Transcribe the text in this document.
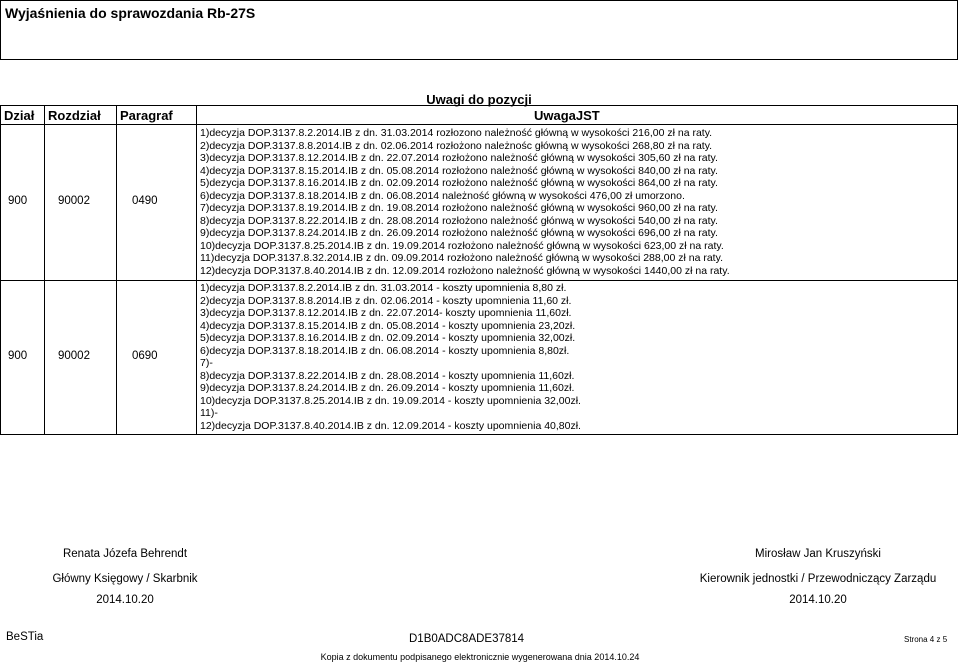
Wyjaśnienia do sprawozdania Rb-27S
Uwagi do pozycji
Dział Rozdział Paragraf	UwagaJST
900	90002	0490
1)decyzja DOP.3137.8.2.2014.IB z dn. 31.03.2014 rozłozono należność główną w wysokości 216,00 zł na raty.
2)decyzja DOP.3137.8.8.2014.IB z dn. 02.06.2014 rozłożono należnośc główną w wysokości 268,80 zł na raty.
3)decyzja DOP.3137.8.12.2014.IB z dn. 22.07.2014 rozłożono należność główną w wysokości 305,60 zł na raty.
4)decyzja DOP.3137.8.15.2014.IB z dn. 05.08.2014 rozłożono należność główną w wysokości 840,00 zł na raty.
5)dezycja DOP.3137.8.16.2014.IB z dn. 02.09.2014 rozłożono należność główną w wysokości 864,00 zł na raty.
6)decyzja DOP.3137.8.18.2014.IB z dn. 06.08.2014 należność główną w wysokości 476,00 zł umorzono.
7)decyzja DOP.3137.8.19.2014.IB z dn. 19.08.2014 rozłożono należność główną w wysokości 960,00 zł na raty.
8)decyzja DOP.3137.8.22.2014.IB z dn. 28.08.2014 rozłożono należność głónwą w wysokości 540,00 zł na raty.
9)decyzja DOP.3137.8.24.2014.IB z dn. 26.09.2014 rozłożono należność główną w wysokości 696,00 zł na raty.
10)decyzja DOP.3137.8.25.2014.IB z dn. 19.09.2014 rozłożono należność główną w wysokości 623,00 zł na raty.
11)decyzja DOP.3137.8.32.2014.IB z dn. 09.09.2014 rozłożono należność główną w wysokości 288,00 zł na raty.
12)decyzja DOP.3137.8.40.2014.IB z dn. 12.09.2014 rozłożono należność główną w wysokości 1440,00 zł na raty.
900	90002	0690
1)decyzja DOP.3137.8.2.2014.IB z dn. 31.03.2014 - koszty upomnienia 8,80 zł.
2)decyzja DOP.3137.8.8.2014.IB z dn. 02.06.2014 - koszty upomnienia 11,60 zł.
3)decyzja DOP.3137.8.12.2014.IB z dn. 22.07.2014- koszty upomnienia 11,60zł.
4)decyzja DOP.3137.8.15.2014.IB z dn. 05.08.2014 - koszty upomnienia 23,20zł.
5)decyzja DOP.3137.8.16.2014.IB z dn. 02.09.2014 - koszty upomnienia 32,00zł.
6)decyzja DOP.3137.8.18.2014.IB z dn. 06.08.2014 - koszty upomnienia 8,80zł.
7)-
8)decyzja DOP.3137.8.22.2014.IB z dn. 28.08.2014 - koszty upomnienia 11,60zł.
9)decyzja DOP.3137.8.24.2014.IB z dn. 26.09.2014 - koszty upomnienia 11,60zł.
10)decyzja DOP.3137.8.25.2014.IB z dn. 19.09.2014 - koszty upomnienia 32,00zł.
11)-
12)decyzja DOP.3137.8.40.2014.IB z dn. 12.09.2014 - koszty upomnienia 40,80zł.
Renata Józefa Behrendt
Główny Księgowy / Skarbnik
2014.10.20
Mirosław Jan Kruszyński
Kierownik jednostki / Przewodniczący Zarządu
2014.10.20
BeSTia	D1B0ADC8ADE37814	Strona 4 z 5
Kopia z dokumentu podpisanego elektronicznie wygenerowana dnia 2014.10.24
